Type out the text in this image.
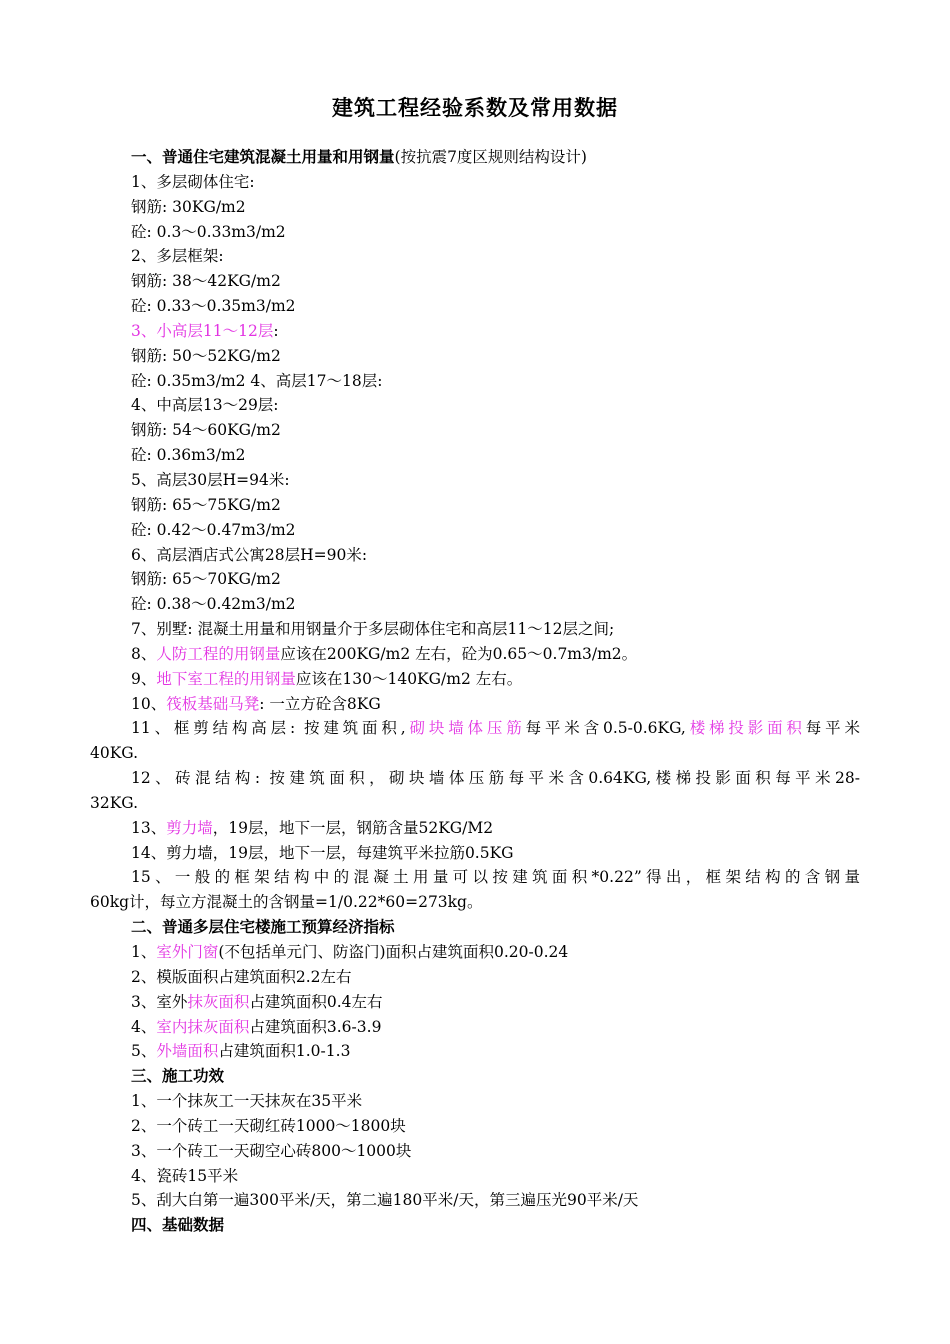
建筑工程经验系数及常用数据
一、普通住宅建筑混凝土用量和用钢量(按抗震7度区规则结构设计)
1、多层砌体住宅:
钢筋: 30KG/m2
砼: 0.3～0.33m3/m2
2、多层框架:
钢筋: 38～42KG/m2
砼: 0.33～0.35m3/m2
3、小高层11～12层:
钢筋: 50～52KG/m2
砼: 0.35m3/m2 4、高层17～18层:
4、中高层13～29层:
钢筋: 54～60KG/m2
砼: 0.36m3/m2
5、高层30层H=94米:
钢筋: 65～75KG/m2
砼: 0.42～0.47m3/m2
6、高层酒店式公寓28层H=90米:
钢筋: 65～70KG/m2
砼: 0.38～0.42m3/m2
7、别墅: 混凝土用量和用钢量介于多层砌体住宅和高层11～12层之间;
8、人防工程的用钢量应该在200KG/m2 左右，砼为0.65～0.7m3/m2。
9、地下室工程的用钢量应该在130～140KG/m2 左右。
10、筏板基础马凳: 一立方砼含8KG
11、框剪结构高层: 按建筑面积,砌块墙体压筋每平米含0.5-0.6KG,楼梯投影面积每平米
40KG.
12、砖混结构: 按建筑面积，砌块墙体压筋每平米含0.64KG,楼梯投影面积每平米28-
32KG.
13、剪力墙，19层，地下一层，钢筋含量52KG/M2
14、剪力墙，19层，地下一层，每建筑平米拉筋0.5KG
15、一般的框架结构中的混凝土用量可以按建筑面积*0.22”得出，框架结构的含钢量
60kg计，每立方混凝土的含钢量=1/0.22*60=273kg。
二、普通多层住宅楼施工预算经济指标
1、室外门窗(不包括单元门、防盗门)面积占建筑面积0.20-0.24
2、模版面积占建筑面积2.2左右
3、室外抹灰面积占建筑面积0.4左右
4、室内抹灰面积占建筑面积3.6-3.9
5、外墙面积占建筑面积1.0-1.3
三、施工功效
1、一个抹灰工一天抹灰在35平米
2、一个砖工一天砌红砖1000～1800块
3、一个砖工一天砌空心砖800～1000块
4、瓷砖15平米
5、刮大白第一遍300平米/天，第二遍180平米/天，第三遍压光90平米/天
四、基础数据
